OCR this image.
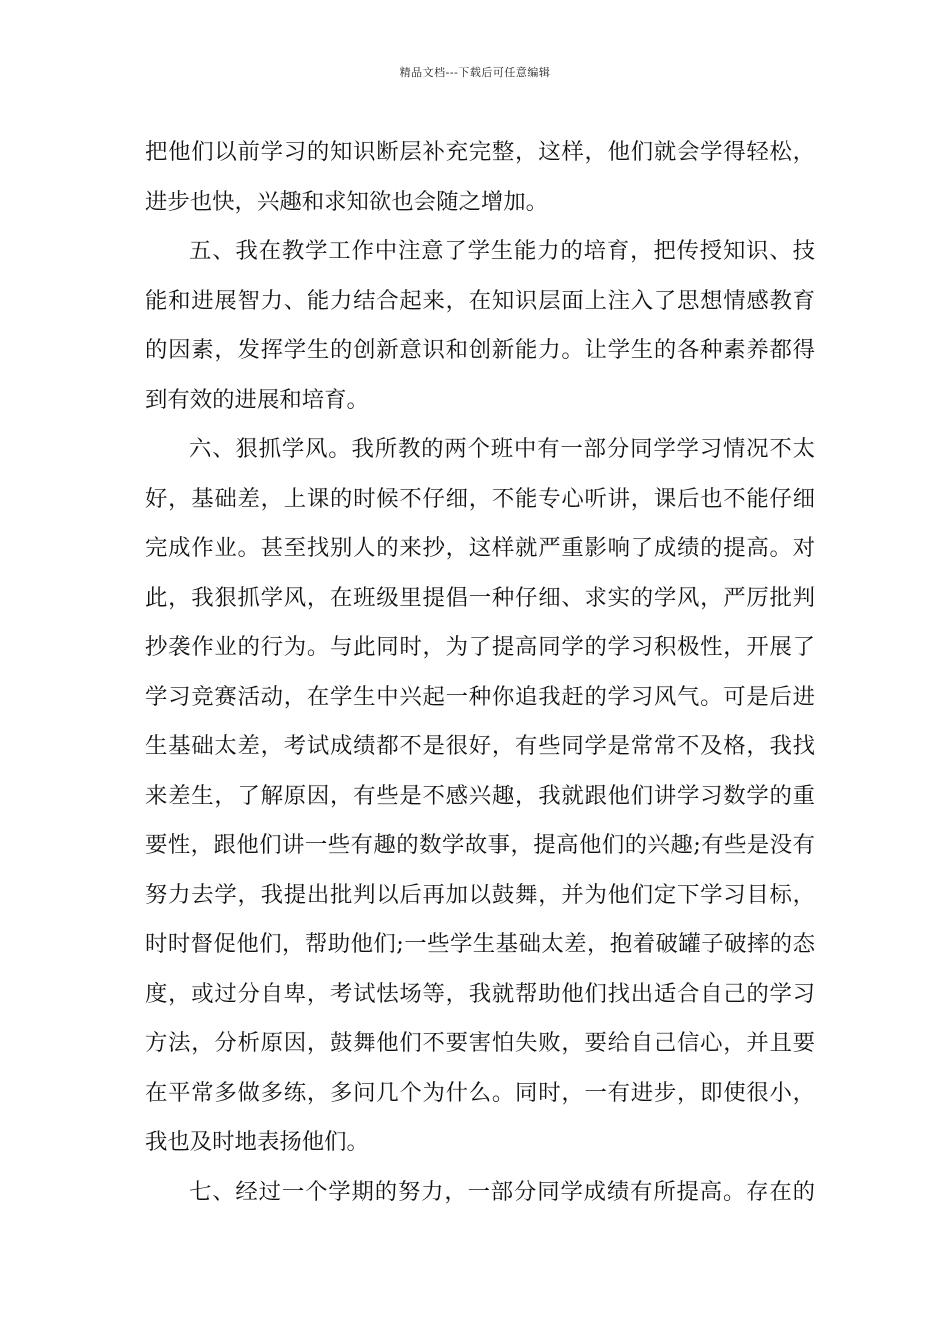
精品文档---下载后可任意编辑
把他们以前学习的知识断层补充完整，这样，他们就会学得轻松，
进步也快，兴趣和求知欲也会随之增加。
五、我在教学工作中注意了学生能力的培育，把传授知识、技
能和进展智力、能力结合起来，在知识层面上注入了思想情感教育
的因素，发挥学生的创新意识和创新能力。让学生的各种素养都得
到有效的进展和培育。
六、狠抓学风。我所教的两个班中有一部分同学学习情况不太
好，基础差，上课的时候不仔细，不能专心听讲，课后也不能仔细
完成作业。甚至找别人的来抄，这样就严重影响了成绩的提高。对
此，我狠抓学风，在班级里提倡一种仔细、求实的学风，严厉批判
抄袭作业的行为。与此同时，为了提高同学的学习积极性，开展了
学习竞赛活动，在学生中兴起一种你追我赶的学习风气。可是后进
生基础太差，考试成绩都不是很好，有些同学是常常不及格，我找
来差生，了解原因，有些是不感兴趣，我就跟他们讲学习数学的重
要性，跟他们讲一些有趣的数学故事，提高他们的兴趣;有些是没有
努力去学，我提出批判以后再加以鼓舞，并为他们定下学习目标，
时时督促他们，帮助他们;一些学生基础太差，抱着破罐子破摔的态
度，或过分自卑，考试怯场等，我就帮助他们找出适合自己的学习
方法，分析原因，鼓舞他们不要害怕失败，要给自己信心，并且要
在平常多做多练，多问几个为什么。同时，一有进步，即使很小，
我也及时地表扬他们。
七、经过一个学期的努力，一部分同学成绩有所提高。存在的
